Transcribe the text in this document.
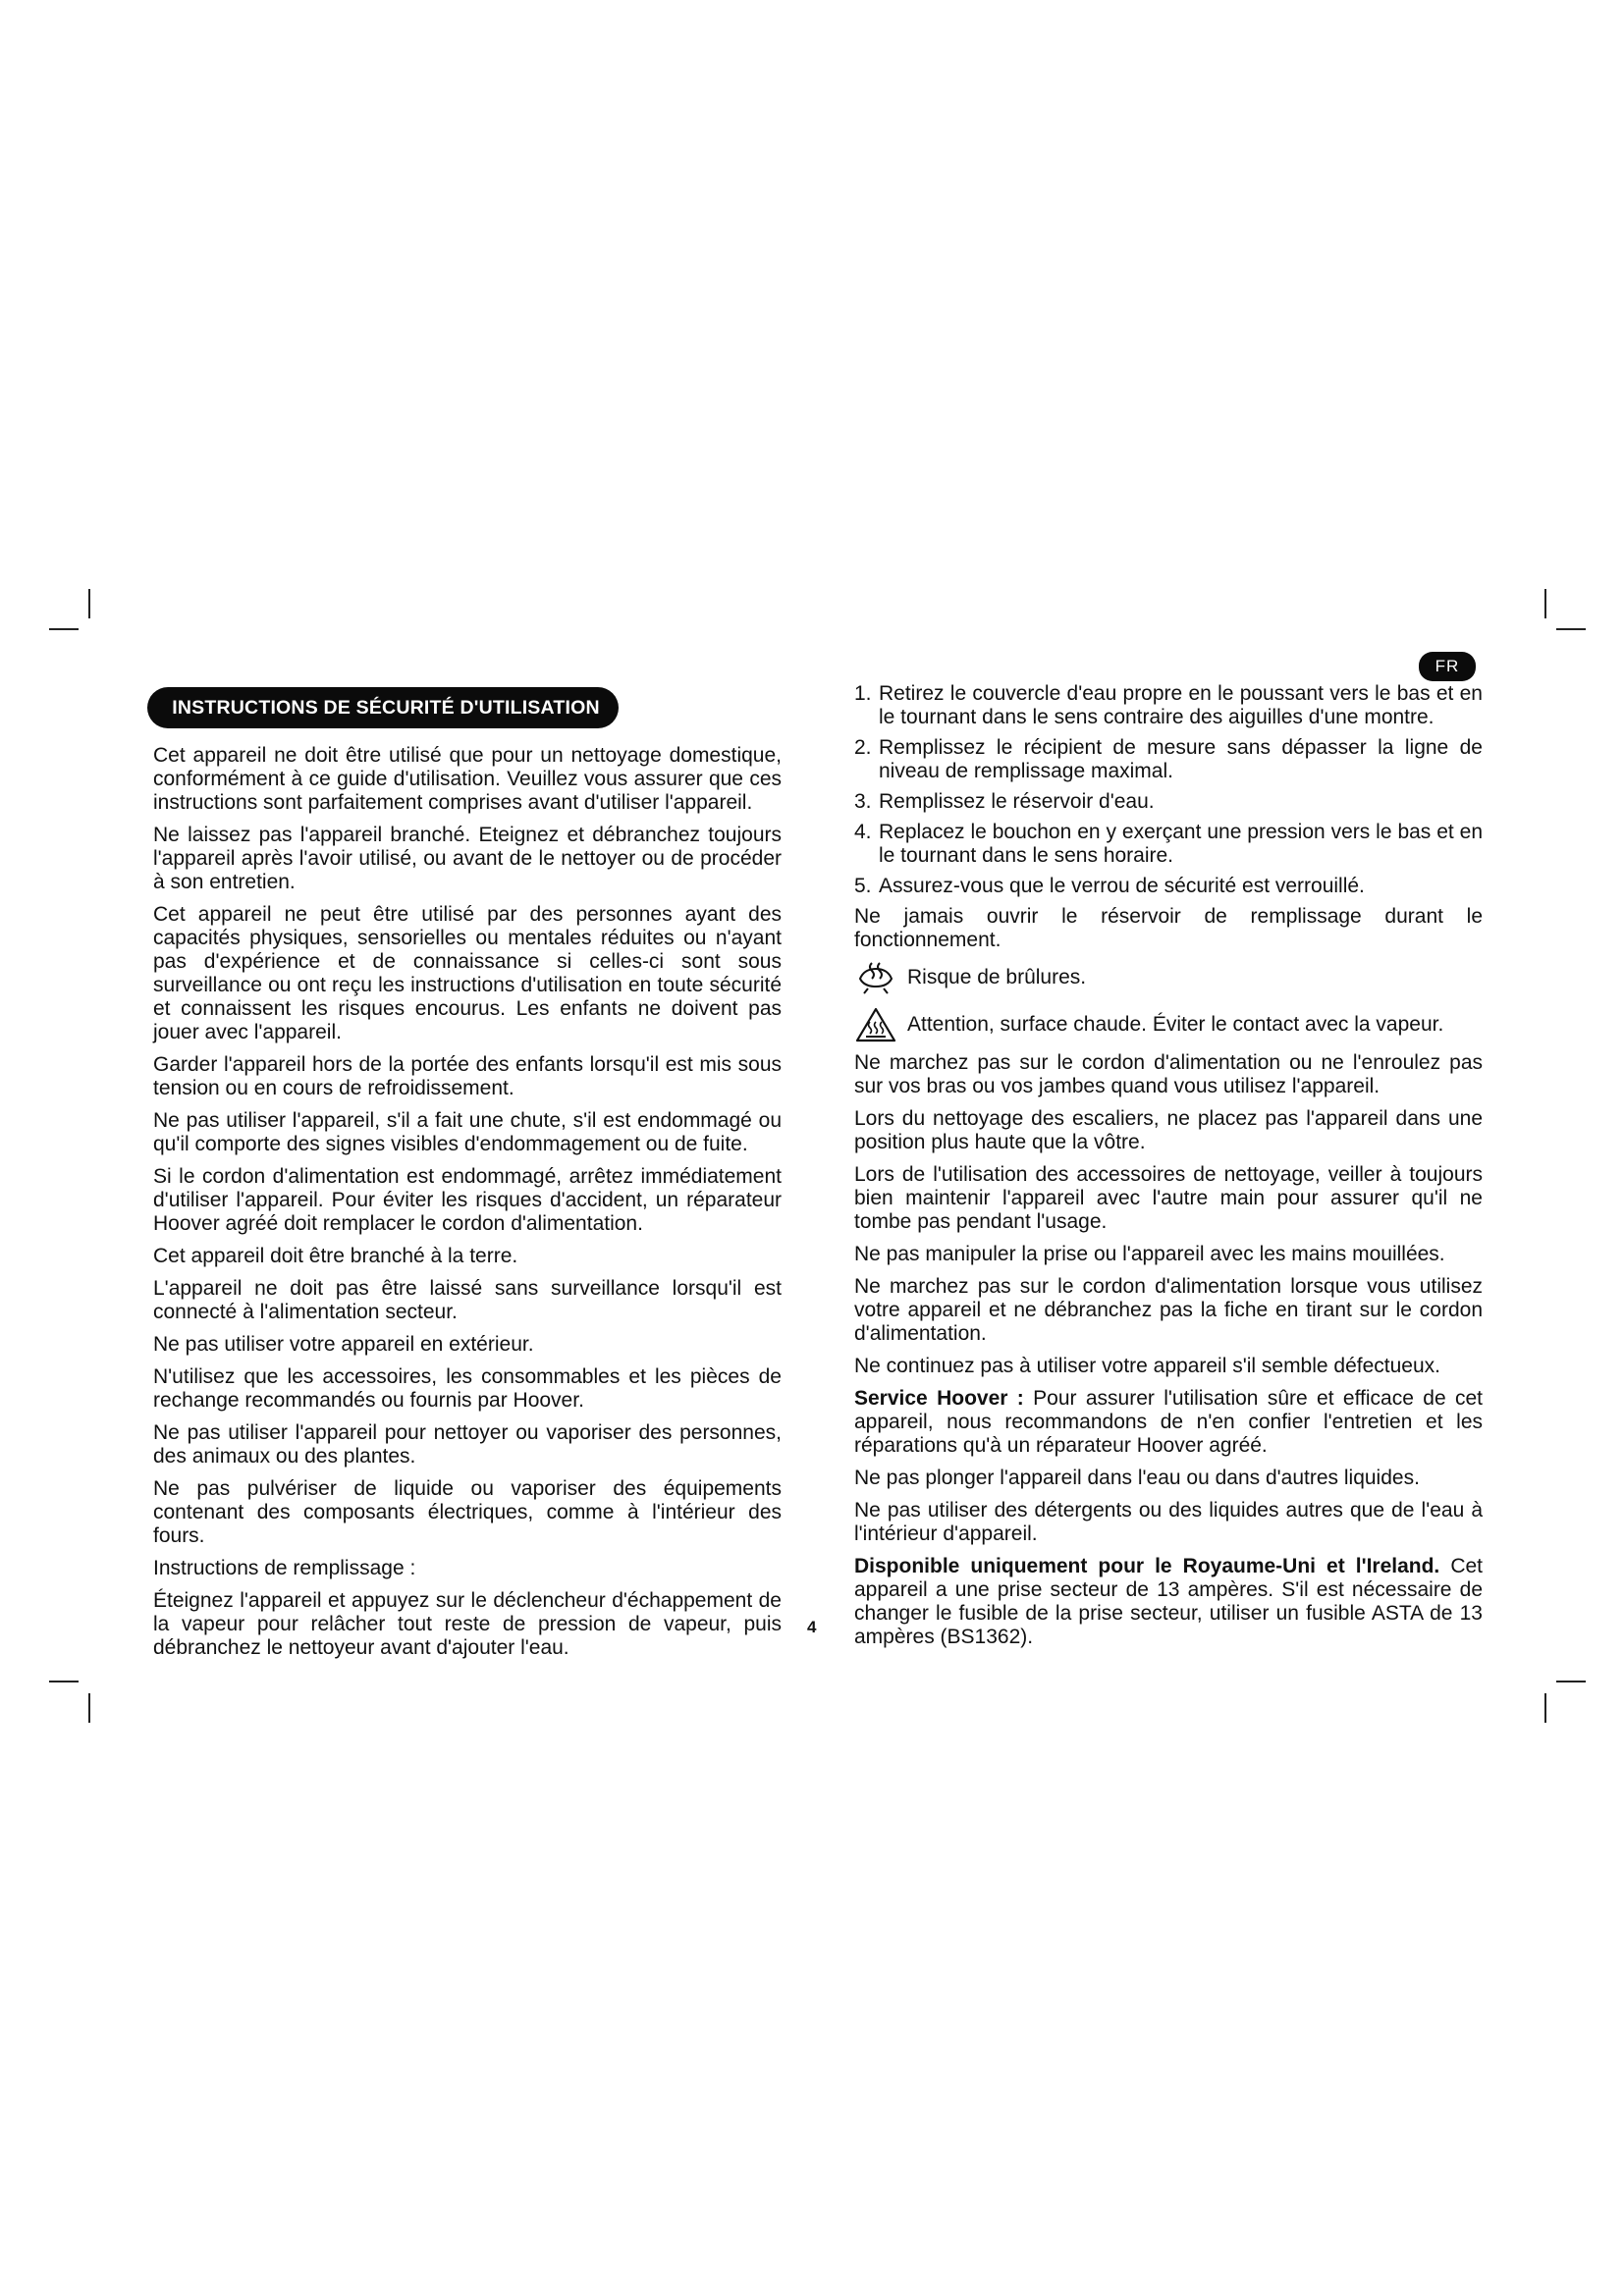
INSTRUCTIONS DE SÉCURITÉ D'UTILISATION
FR

Cet appareil ne doit être utilisé que pour un nettoyage domestique, conformément à ce guide d'utilisation. Veuillez vous assurer que ces instructions sont parfaitement comprises avant d'utiliser l'appareil.

Ne laissez pas l'appareil branché. Eteignez et débranchez toujours l'appareil après l'avoir utilisé, ou avant de le nettoyer ou de procéder à son entretien.

Cet appareil ne peut être utilisé par des personnes ayant des capacités physiques, sensorielles ou mentales réduites ou n'ayant pas d'expérience et de connaissance si celles-ci sont sous surveillance ou ont reçu les instructions d'utilisation en toute sécurité et connaissent les risques encourus. Les enfants ne doivent pas jouer avec l'appareil.

Garder l'appareil hors de la portée des enfants lorsqu'il est mis sous tension ou en cours de refroidissement.

Ne pas utiliser l'appareil, s'il a fait une chute, s'il est endommagé ou qu'il comporte des signes visibles d'endommagement ou de fuite.

Si le cordon d'alimentation est endommagé, arrêtez immédiatement d'utiliser l'appareil. Pour éviter les risques d'accident, un réparateur Hoover agréé doit remplacer le cordon d'alimentation.

Cet appareil doit être branché à la terre.

L'appareil ne doit pas être laissé sans surveillance lorsqu'il est connecté à l'alimentation secteur.

Ne pas utiliser votre appareil en extérieur.

N'utilisez que les accessoires, les consommables et les pièces de rechange recommandés ou fournis par Hoover.

Ne pas utiliser l'appareil pour nettoyer ou vaporiser des personnes, des animaux ou des plantes.

Ne pas pulvériser de liquide ou vaporiser des équipements contenant des composants électriques, comme à l'intérieur des fours.

Instructions de remplissage :

Éteignez l'appareil et appuyez sur le déclencheur d'échappement de la vapeur pour relâcher tout reste de pression de vapeur, puis débranchez le nettoyeur avant d'ajouter l'eau.

1. Retirez le couvercle d'eau propre en le poussant vers le bas et en le tournant dans le sens contraire des aiguilles d'une montre.
2. Remplissez le récipient de mesure sans dépasser la ligne de niveau de remplissage maximal.
3. Remplissez le réservoir d'eau.
4. Replacez le bouchon en y exerçant une pression vers le bas et en le tournant dans le sens horaire.
5. Assurez-vous que le verrou de sécurité est verrouillé.

Ne jamais ouvrir le réservoir de remplissage durant le fonctionnement.

Risque de brûlures.
Attention, surface chaude. Éviter le contact avec la vapeur.

Ne marchez pas sur le cordon d'alimentation ou ne l'enroulez pas sur vos bras ou vos jambes quand vous utilisez l'appareil.

Lors du nettoyage des escaliers, ne placez pas l'appareil dans une position plus haute que la vôtre.

Lors de l'utilisation des accessoires de nettoyage, veiller à toujours bien maintenir l'appareil avec l'autre main pour assurer qu'il ne tombe pas pendant l'usage.

Ne pas manipuler la prise ou l'appareil avec les mains mouillées.

Ne marchez pas sur le cordon d'alimentation lorsque vous utilisez votre appareil et ne débranchez pas la fiche en tirant sur le cordon d'alimentation.

Ne continuez pas à utiliser votre appareil s'il semble défectueux.

Service Hoover : Pour assurer l'utilisation sûre et efficace de cet appareil, nous recommandons de n'en confier l'entretien et les réparations qu'à un réparateur Hoover agréé.

Ne pas plonger l'appareil dans l'eau ou dans d'autres liquides.

Ne pas utiliser des détergents ou des liquides autres que de l'eau à l'intérieur d'appareil.

Disponible uniquement pour le Royaume-Uni et l'Ireland. Cet appareil a une prise secteur de 13 ampères. S'il est nécessaire de changer le fusible de la prise secteur, utiliser un fusible ASTA de 13 ampères (BS1362).

4
